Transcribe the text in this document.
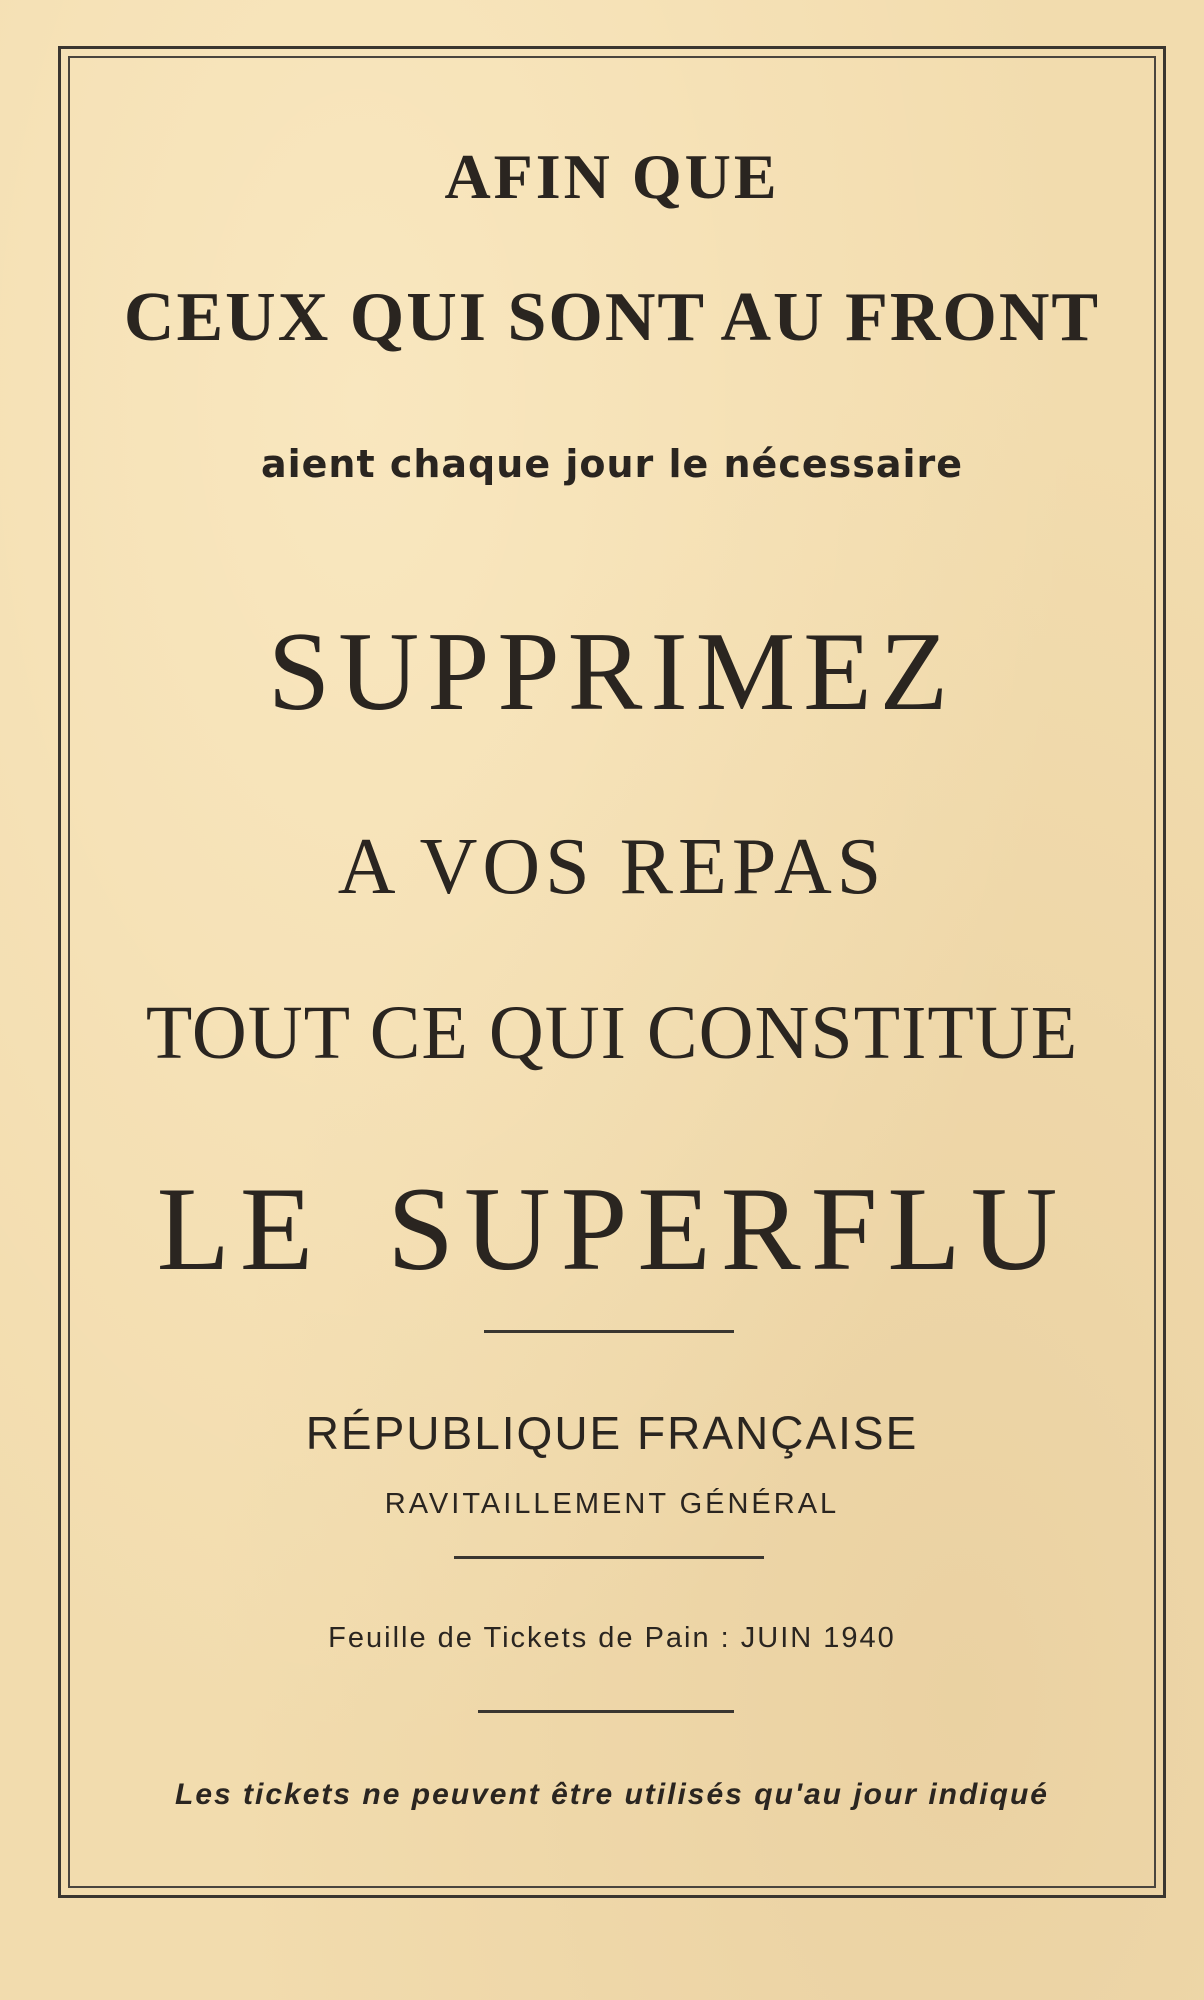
AFIN QUE

CEUX QUI SONT AU FRONT

aient chaque jour le nécessaire

SUPPRIMEZ

A VOS REPAS

TOUT CE QUI CONSTITUE

LE SUPERFLU

RÉPUBLIQUE FRANÇAISE

RAVITAILLEMENT GÉNÉRAL

Feuille de Tickets de Pain : JUIN 1940

Les tickets ne peuvent être utilisés qu'au jour indiqué
